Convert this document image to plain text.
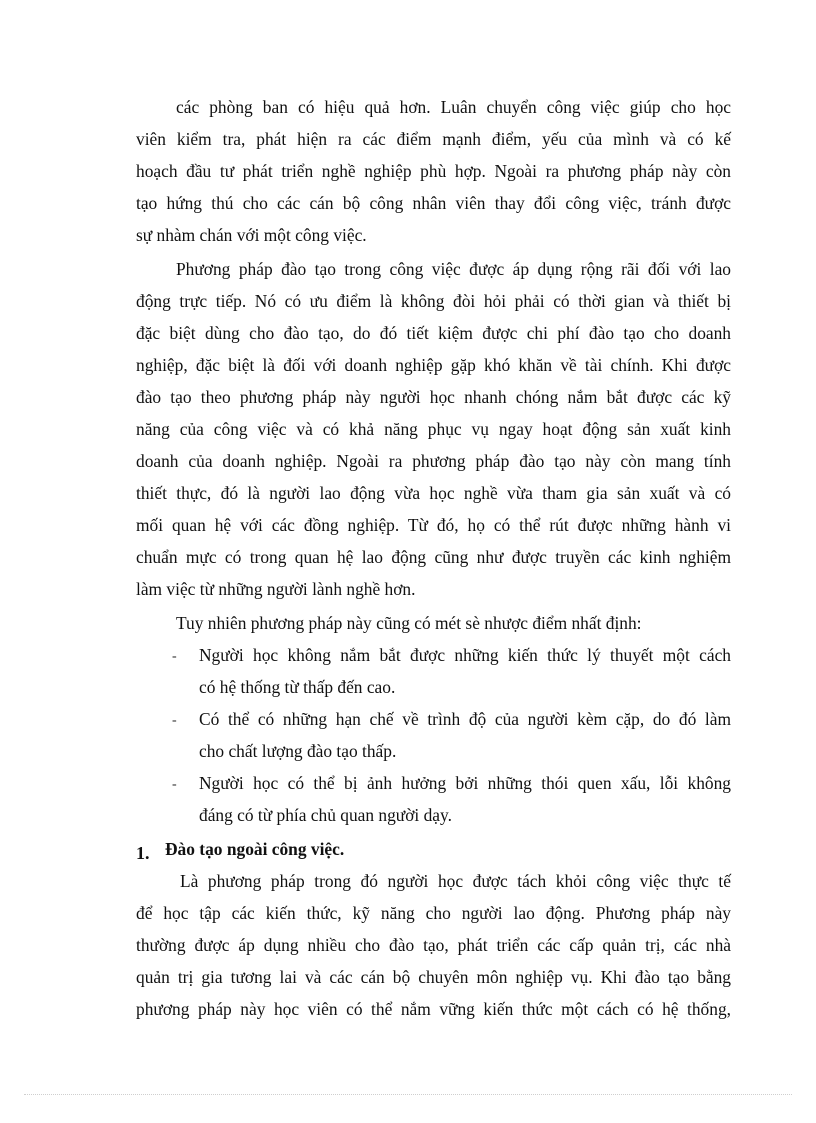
các phòng ban có hiệu quả hơn. Luân chuyển công việc giúp cho học
viên kiểm tra, phát hiện ra các điểm mạnh điểm, yếu của mình và có kế
hoạch đầu tư phát triển nghề nghiệp phù hợp. Ngoài ra phương pháp này còn
tạo hứng thú cho các cán bộ công nhân viên thay đổi công việc, tránh được
sự nhàm chán với một công việc.
Phương pháp đào tạo trong công việc được áp dụng rộng rãi đối với lao
động trực tiếp. Nó có ưu điểm là không đòi hỏi phải có thời gian và thiết bị
đặc biệt dùng cho đào tạo, do đó tiết kiệm được chi phí đào tạo cho doanh
nghiệp, đặc biệt là đối với doanh nghiệp gặp khó khăn về tài chính. Khi được
đào tạo theo phương pháp này người học nhanh chóng nắm bắt được các kỹ
năng của công việc và có khả năng phục vụ ngay hoạt động sản xuất kinh
doanh của doanh nghiệp. Ngoài ra phương pháp đào tạo này còn mang tính
thiết thực, đó là người lao động vừa học nghề vừa tham gia sản xuất và có
mối quan hệ với các đồng nghiệp. Từ đó, họ có thể rút được những hành vi
chuẩn mực có trong quan hệ lao động cũng như được truyền các kinh nghiệm
làm việc từ những người lành nghề hơn.
Tuy nhiên phương pháp này cũng có mét sè nhược điểm nhất định:
- Người học không nắm bắt được những kiến thức lý thuyết một cách
có hệ thống từ thấp đến cao.
- Có thể có những hạn chế về trình độ của người kèm cặp, do đó làm
cho chất lượng đào tạo thấp.
- Người học có thể bị ảnh hưởng bởi những thói quen xấu, lỗi không
đáng có từ phía chủ quan người dạy.
1. Đào tạo ngoài công việc.
Là phương pháp trong đó người học được tách khỏi công việc thực tế
để học tập các kiến thức, kỹ năng cho người lao động. Phương pháp này
thường được áp dụng nhiều cho đào tạo, phát triển các cấp quản trị, các nhà
quản trị gia tương lai và các cán bộ chuyên môn nghiệp vụ. Khi đào tạo bằng
phương pháp này học viên có thể nắm vững kiến thức một cách có hệ thống,
